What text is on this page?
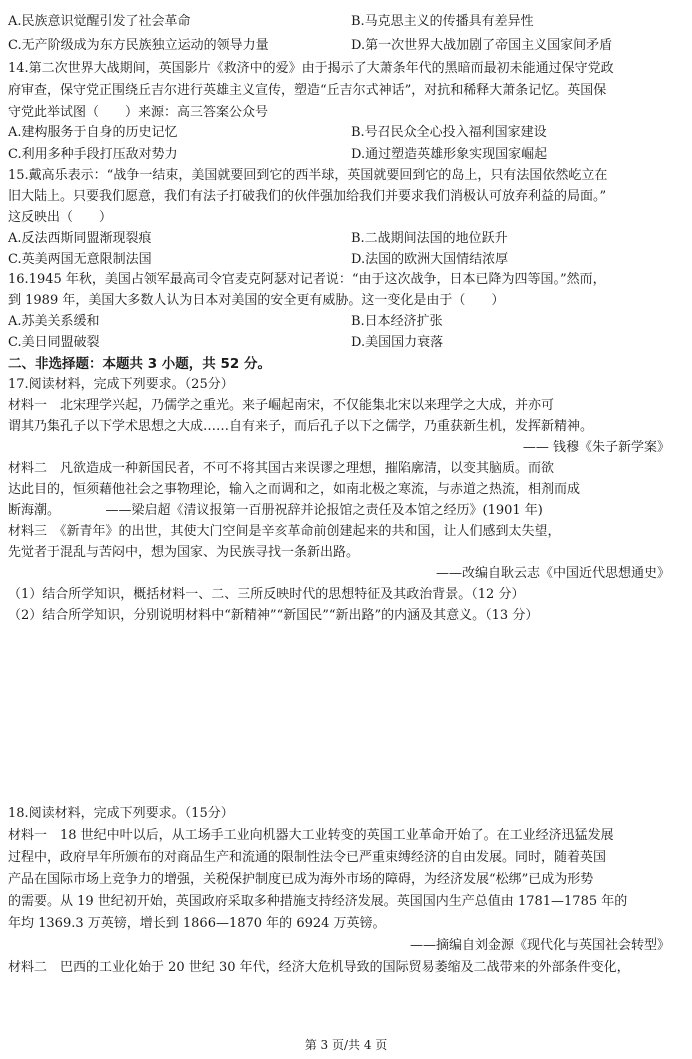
A.民族意识觉醒引发了社会革命	B.马克思主义的传播具有差异性
C.无产阶级成为东方民族独立运动的领导力量	D.第一次世界大战加剧了帝国主义国家间矛盾
14.第二次世界大战期间，英国影片《救济中的爱》由于揭示了大萧条年代的黑暗而最初未能通过保守党政
府审查，保守党正围绕丘吉尔进行英雄主义宣传，塑造“丘吉尔式神话”，对抗和稀释大萧条记忆。英国保
守党此举试图（　　）来源：高三答案公众号
A.建构服务于自身的历史记忆	B.号召民众全心投入福利国家建设
C.利用多种手段打压敌对势力	D.通过塑造英雄形象实现国家崛起
15.戴高乐表示：“战争一结束，美国就要回到它的西半球，英国就要回到它的岛上，只有法国依然屹立在
旧大陆上。只要我们愿意，我们有法子打破我们的伙伴强加给我们并要求我们消极认可放弃利益的局面。”
这反映出（　　）
A.反法西斯同盟渐现裂痕	B.二战期间法国的地位跃升
C.英美两国无意限制法国	D.法国的欧洲大国情结浓厚
16.1945 年秋，美国占领军最高司令官麦克阿瑟对记者说：“由于这次战争，日本已降为四等国。”然而，
到 1989 年，美国大多数人认为日本对美国的安全更有威胁。这一变化是由于（　　）
A.苏美关系缓和	B.日本经济扩张
C.美日同盟破裂	D.美国国力衰落
二、非选择题：本题共 3 小题，共 52 分。
17.阅读材料，完成下列要求。（25分）
材料一　北宋理学兴起，乃儒学之重光。来子崛起南宋，不仅能集北宋以来理学之大成，并亦可
谓其乃集孔子以下学术思想之大成……自有来子，而后孔子以下之儒学，乃重获新生机，发挥新精神。
—— 钱穆《朱子新学案》
材料二　凡欲造成一种新国民者，不可不将其国古来误谬之理想，摧陷廓清，以变其脑质。而欲
达此目的，恒须藉他社会之事物理论，输入之而调和之，如南北极之寒流，与赤道之热流，相剂而成
断海潮。　　　　——梁启超《清议报第一百册祝辞并论报馆之责任及本馆之经历》(1901 年)
材料三　《新青年》的出世，其使大门空间是辛亥革命前创建起来的共和国，让人们感到太失望，
先觉者于混乱与苦闷中，想为国家、为民族寻找一条新出路。
——改编自耿云志《中国近代思想通史》
（1）结合所学知识，概括材料一、二、三所反映时代的思想特征及其政治背景。（12 分）
（2）结合所学知识，分别说明材料中“新精神”“新国民”“新出路”的内涵及其意义。（13 分）
18.阅读材料，完成下列要求。（15分）
材料一　18 世纪中叶以后，从工场手工业向机器大工业转变的英国工业革命开始了。在工业经济迅猛发展
过程中，政府早年所颁布的对商品生产和流通的限制性法令已严重束缚经济的自由发展。同时，随着英国
产品在国际市场上竞争力的增强，关税保护制度已成为海外市场的障碍，为经济发展“松绑”已成为形势
的需要。从 19 世纪初开始，英国政府采取多种措施支持经济发展。英国国内生产总值由 1781—1785 年的
年均 1369.3 万英镑，增长到 1866—1870 年的 6924 万英镑。
——摘编自刘金源《现代化与英国社会转型》
材料二　巴西的工业化始于 20 世纪 30 年代，经济大危机导致的国际贸易萎缩及二战带来的外部条件变化，
第 3 页/共 4 页
